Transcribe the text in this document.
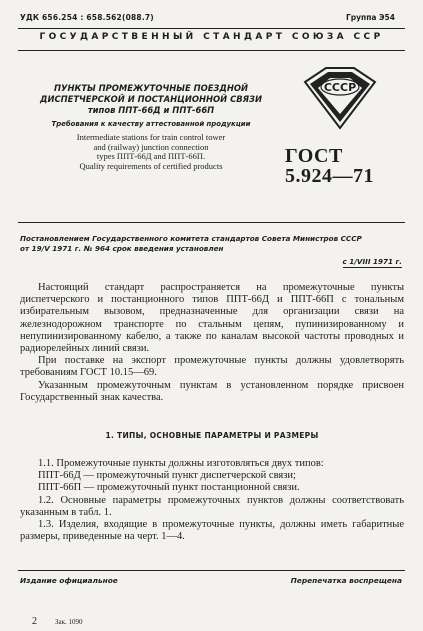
УДК 656.254 : 658.562(088.7)	Группа Э54
ГОСУДАРСТВЕННЫЙ СТАНДАРТ СОЮЗА ССР
ПУНКТЫ ПРОМЕЖУТОЧНЫЕ ПОЕЗДНОЙ
ДИСПЕТЧЕРСКОЙ И ПОСТАНЦИОННОЙ СВЯЗИ
типов ППТ-66Д и ППТ-66П
Требования к качеству аттестованной продукции
Intermediate stations for train control tower
and (railway) junction connection
types ППТ-66Д and ППТ-66П.
Quality requirements of certified products
СССР
ГОСТ
5.924—71
Постановлением Государственного комитета стандартов Совета Министров СССР
от 19/V 1971 г. № 964 срок введения установлен
с 1/VIII 1971 г.

Настоящий стандарт распространяется на промежуточные пункты диспетчерского и постанционного типов ППТ-66Д и ППТ-66П с тональным избирательным вызовом, предназначенные для организации связи на железнодорожном транспорте по стальным цепям, пупинизированному и непупинизированному кабелю, а также по каналам высокой частоты проводных и радиорелейных линий связи.

При поставке на экспорт промежуточные пункты должны удовлетворять требованиям ГОСТ 10.15—69.

Указанным промежуточным пунктам в установленном порядке присвоен Государственный знак качества.

1. ТИПЫ, ОСНОВНЫЕ ПАРАМЕТРЫ И РАЗМЕРЫ

1.1. Промежуточные пункты должны изготовляться двух типов:

ППТ-66Д — промежуточный пункт диспетчерской связи;

ППТ-66П — промежуточный пункт постанционной связи.

1.2. Основные параметры промежуточных пунктов должны соответствовать указанным в табл. 1.

1.3. Изделия, входящие в промежуточные пункты, должны иметь габаритные размеры, приведенные на черт. 1—4.

Издание официальное	Перепечатка воспрещена
2	Зак. 1090
